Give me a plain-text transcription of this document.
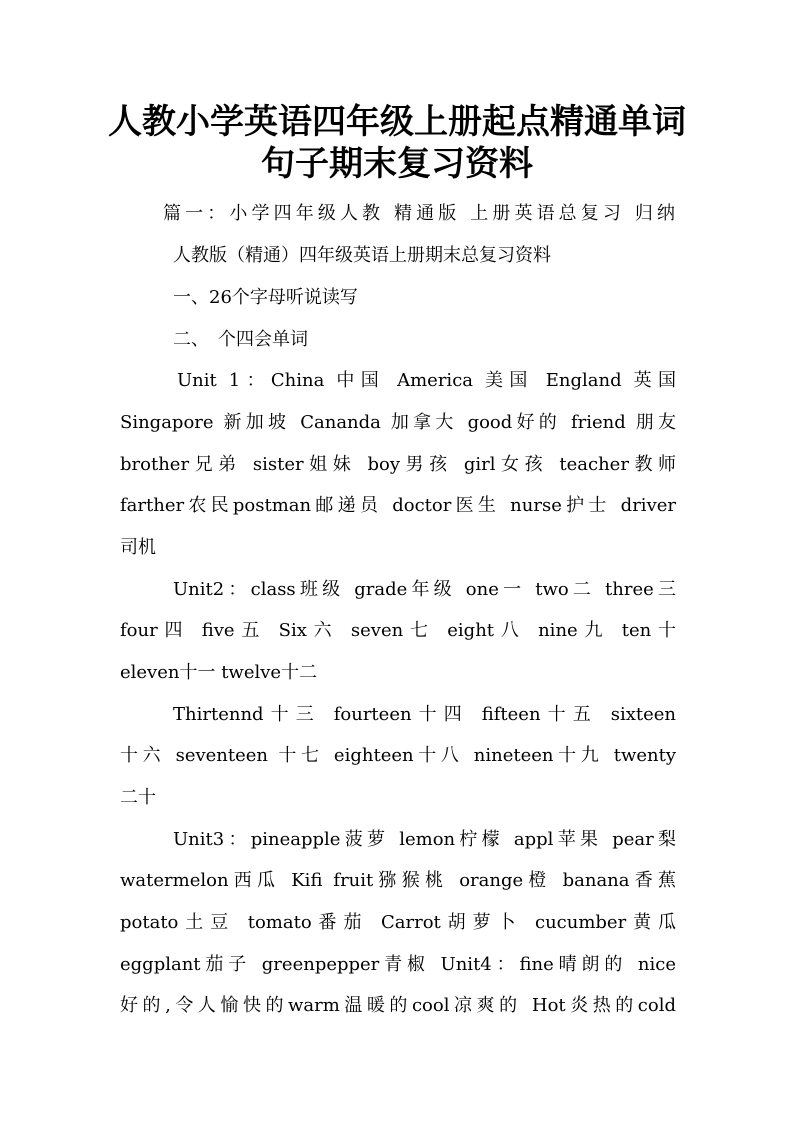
人教小学英语四年级上册起点精通单词
句子期末复习资料

篇一：小学四年级人教 精通版 上册英语总复习 归纳

人教版（精通）四年级英语上册期末总复习资料

一、26个字母听说读写

二、　个四会单词

Unit 1：China 中国 America 美国 England 英国

Singapore 新加坡 Cananda 加拿大 good好的 friend 朋友

brother兄弟 sister姐妹 boy男孩 girl女孩 teacher教师

farther农民postman邮递员 doctor医生 nurse护士 driver

司机

Unit2：class班级 grade年级 one一 two二 three三

four四 five五 Six六 seven七 eight八 nine九 ten十

eleven十一 twelve十二

Thirtennd十三 fourteen十四 fifteen十五 sixteen

十六 seventeen 十七 eighteen十八 nineteen十九 twenty

二十

Unit3：pineapple菠萝 lemon柠檬 appl苹果 pear梨

watermelon西瓜 Kifi fruit猕猴桃 orange橙 banana香蕉

potato土豆 tomato番茄 Carrot胡萝卜 cucumber黄瓜

eggplant茄子 greenpepper青椒 Unit4：fine晴朗的 nice

好的,令人愉快的warm温暖的cool凉爽的 Hot炎热的cold
